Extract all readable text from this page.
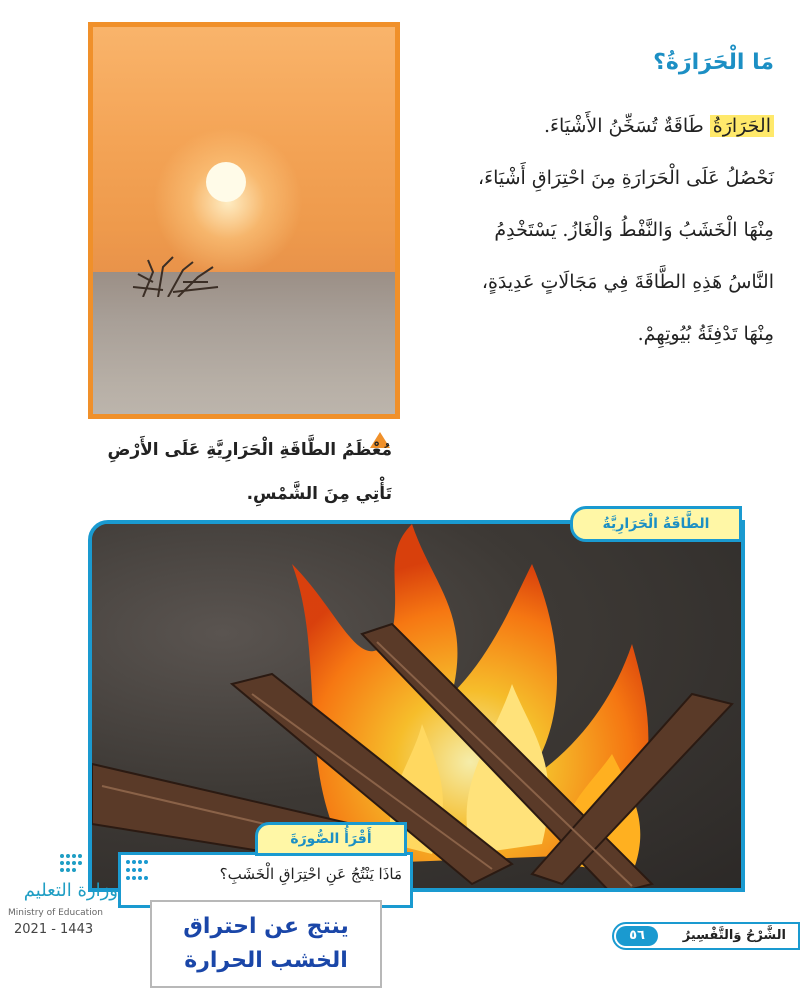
مُعْظَمُ الطَّاقَةِ الْحَرَارِيَّةِ عَلَى الأَرْضِ
تَأْتِي مِنَ الشَّمْسِ.
مَا الْحَرَارَةُ؟
الحَرَارَةُ طَاقَةٌ تُسَخِّنُ الأَشْيَاءَ.
نَحْصُلُ عَلَى الْحَرَارَةِ مِنَ احْتِرَاقِ أَشْيَاءَ،
مِنْهَا الْخَشَبُ وَالنَّفْطُ وَالْغَازُ. يَسْتَخْدِمُ
النَّاسُ هَذِهِ الطَّاقَةَ فِي مَجَالَاتٍ عَدِيدَةٍ،
مِنْهَا تَدْفِئَةُ بُيُوتِهِمْ.
الطَّاقَةُ الْحَرَارِيَّةُ
أَقْرَأُ الصُّورَةَ
مَاذَا يَنْتُجُ عَنِ احْتِرَاقِ الْخَشَبِ؟
ينتج عن احتراق
الخشب الحرارة
وزارة التعليم
Ministry of Education
2021 - 1443	٥٦	الشَّرْحُ وَالتَّفْسِيرُ
